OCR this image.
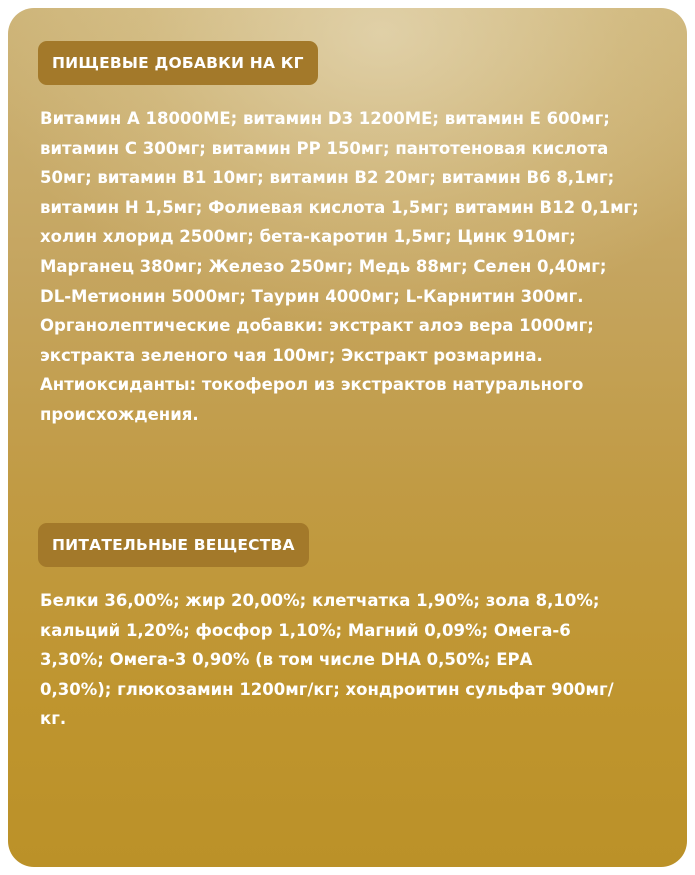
ПИЩЕВЫЕ ДОБАВКИ НА КГ

Витамин А 18000МЕ; витамин D3 1200МЕ; витамин Е 600мг;
витамин С 300мг; витамин РР 150мг; пантотеновая кислота
50мг; витамин В1 10мг; витамин В2 20мг; витамин В6 8,1мг;
витамин Н 1,5мг; Фолиевая кислота 1,5мг; витамин В12 0,1мг;
холин хлорид 2500мг; бета-каротин 1,5мг; Цинк 910мг;
Марганец 380мг; Железо 250мг; Медь 88мг; Селен 0,40мг;
DL-Метионин 5000мг; Таурин 4000мг; L-Карнитин 300мг.
Органолептические добавки: экстракт алоэ вера 1000мг;
экстракта зеленого чая 100мг; Экстракт розмарина.
Антиоксиданты: токоферол из экстрактов натурального
происхождения.

ПИТАТЕЛЬНЫЕ ВЕЩЕСТВА

Белки 36,00%; жир 20,00%; клетчатка 1,90%; зола 8,10%;
кальций 1,20%; фосфор 1,10%; Магний 0,09%; Омега-6
3,30%; Омега-3 0,90% (в том числе DHA 0,50%; ЕРА
0,30%); глюкозамин 1200мг/кг; хондроитин сульфат 900мг/
кг.
